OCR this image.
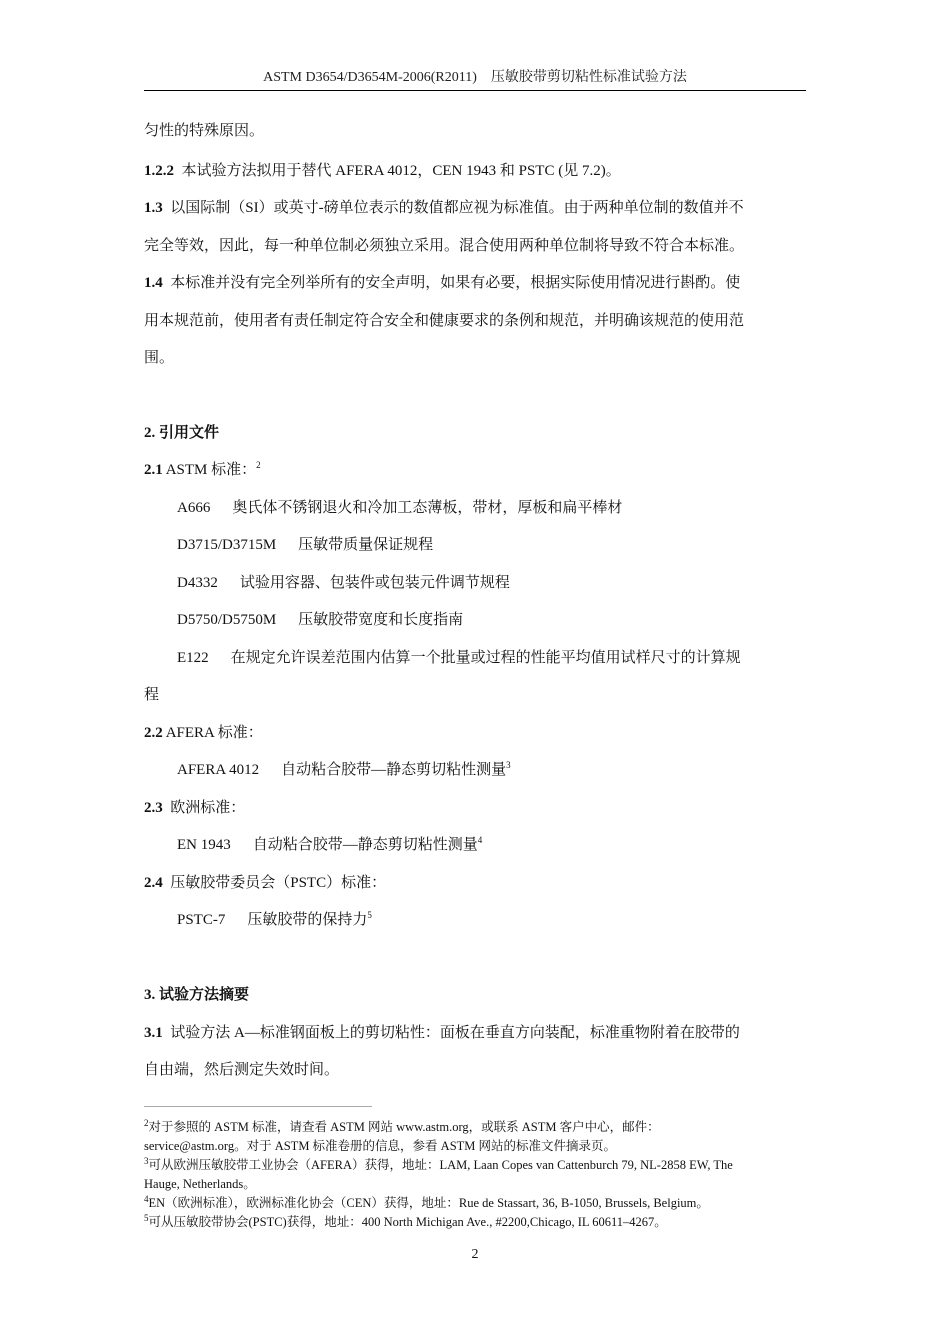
ASTM D3654/D3654M-2006(R2011)　压敏胶带剪切粘性标准试验方法
匀性的特殊原因。
1.2.2 本试验方法拟用于替代 AFERA 4012，CEN 1943 和 PSTC (见 7.2)。
1.3 以国际制（SI）或英寸-磅单位表示的数值都应视为标准值。由于两种单位制的数值并不
完全等效，因此，每一种单位制必须独立采用。混合使用两种单位制将导致不符合本标准。
1.4 本标准并没有完全列举所有的安全声明，如果有必要，根据实际使用情况进行斟酌。使
用本规范前，使用者有责任制定符合安全和健康要求的条例和规范，并明确该规范的使用范
围。
2. 引用文件
2.1 ASTM 标准：$^2$
A666 奥氏体不锈钢退火和冷加工态薄板，带材，厚板和扁平棒材
D3715/D3715M 压敏带质量保证规程
D4332 试验用容器、包装件或包装元件调节规程
D5750/D5750M 压敏胶带宽度和长度指南
E122 在规定允许误差范围内估算一个批量或过程的性能平均值用试样尺寸的计算规
程
2.2 AFERA 标准：
AFERA 4012 自动粘合胶带—静态剪切粘性测量$^3$
2.3 欧洲标准：
EN 1943 自动粘合胶带—静态剪切粘性测量$^4$
2.4 压敏胶带委员会（PSTC）标准：
PSTC-7 压敏胶带的保持力$^5$
3. 试验方法摘要
3.1 试验方法 A—标准钢面板上的剪切粘性：面板在垂直方向装配，标准重物附着在胶带的
自由端，然后测定失效时间。
$^2$对于参照的 ASTM 标准，请查看 ASTM 网站 www.astm.org，或联系 ASTM 客户中心，邮件：
service@astm.org。对于 ASTM 标准卷册的信息，参看 ASTM 网站的标准文件摘录页。
$^3$可从欧洲压敏胶带工业协会（AFERA）获得，地址：LAM, Laan Copes van Cattenburch 79, NL-2858 EW, The
Hauge, Netherlands。
$^4$EN（欧洲标准），欧洲标准化协会（CEN）获得，地址：Rue de Stassart, 36, B-1050, Brussels, Belgium。
$^5$可从压敏胶带协会(PSTC)获得，地址：400 North Michigan Ave., #2200,Chicago, IL 60611–4267。
2
